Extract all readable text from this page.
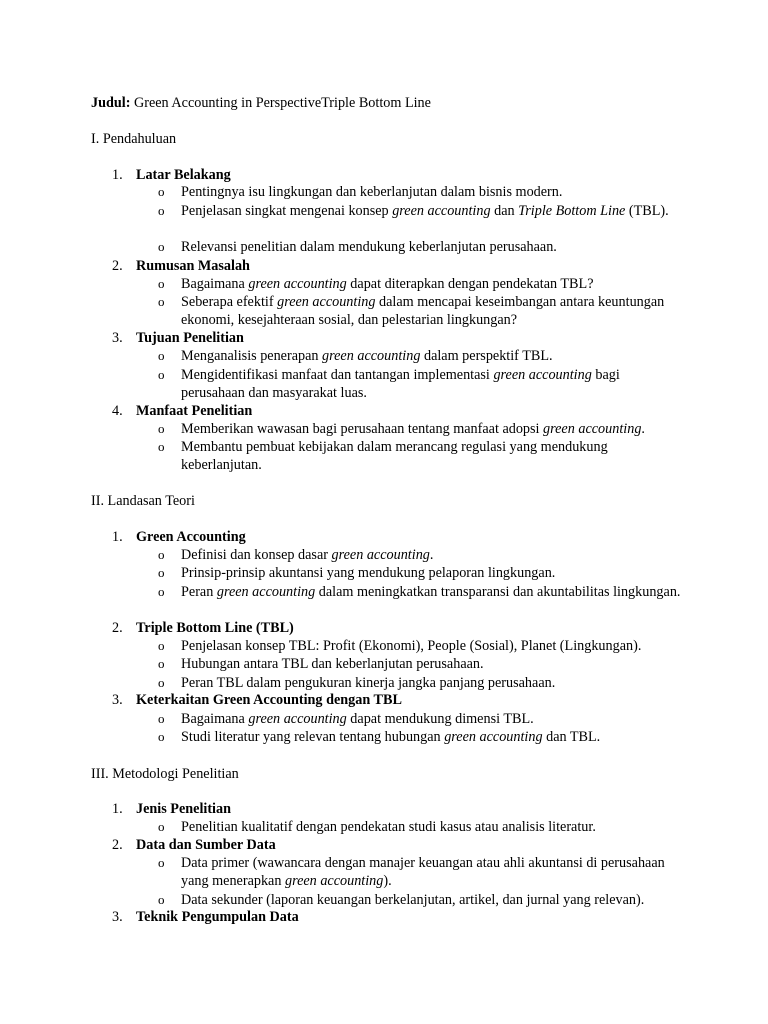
Judul: Green Accounting in PerspectiveTriple Bottom Line
I. Pendahuluan
1. Latar Belakang
o Pentingnya isu lingkungan dan keberlanjutan dalam bisnis modern.
o Penjelasan singkat mengenai konsep green accounting dan Triple Bottom Line (TBL).
o Relevansi penelitian dalam mendukung keberlanjutan perusahaan.
2. Rumusan Masalah
o Bagaimana green accounting dapat diterapkan dengan pendekatan TBL?
o Seberapa efektif green accounting dalam mencapai keseimbangan antara keuntungan ekonomi, kesejahteraan sosial, dan pelestarian lingkungan?
3. Tujuan Penelitian
o Menganalisis penerapan green accounting dalam perspektif TBL.
o Mengidentifikasi manfaat dan tantangan implementasi green accounting bagi perusahaan dan masyarakat luas.
4. Manfaat Penelitian
o Memberikan wawasan bagi perusahaan tentang manfaat adopsi green accounting.
o Membantu pembuat kebijakan dalam merancang regulasi yang mendukung keberlanjutan.
II. Landasan Teori
1. Green Accounting
o Definisi dan konsep dasar green accounting.
o Prinsip-prinsip akuntansi yang mendukung pelaporan lingkungan.
o Peran green accounting dalam meningkatkan transparansi dan akuntabilitas lingkungan.
2. Triple Bottom Line (TBL)
o Penjelasan konsep TBL: Profit (Ekonomi), People (Sosial), Planet (Lingkungan).
o Hubungan antara TBL dan keberlanjutan perusahaan.
o Peran TBL dalam pengukuran kinerja jangka panjang perusahaan.
3. Keterkaitan Green Accounting dengan TBL
o Bagaimana green accounting dapat mendukung dimensi TBL.
o Studi literatur yang relevan tentang hubungan green accounting dan TBL.
III. Metodologi Penelitian
1. Jenis Penelitian
o Penelitian kualitatif dengan pendekatan studi kasus atau analisis literatur.
2. Data dan Sumber Data
o Data primer (wawancara dengan manajer keuangan atau ahli akuntansi di perusahaan yang menerapkan green accounting).
o Data sekunder (laporan keuangan berkelanjutan, artikel, dan jurnal yang relevan).
3. Teknik Pengumpulan Data
